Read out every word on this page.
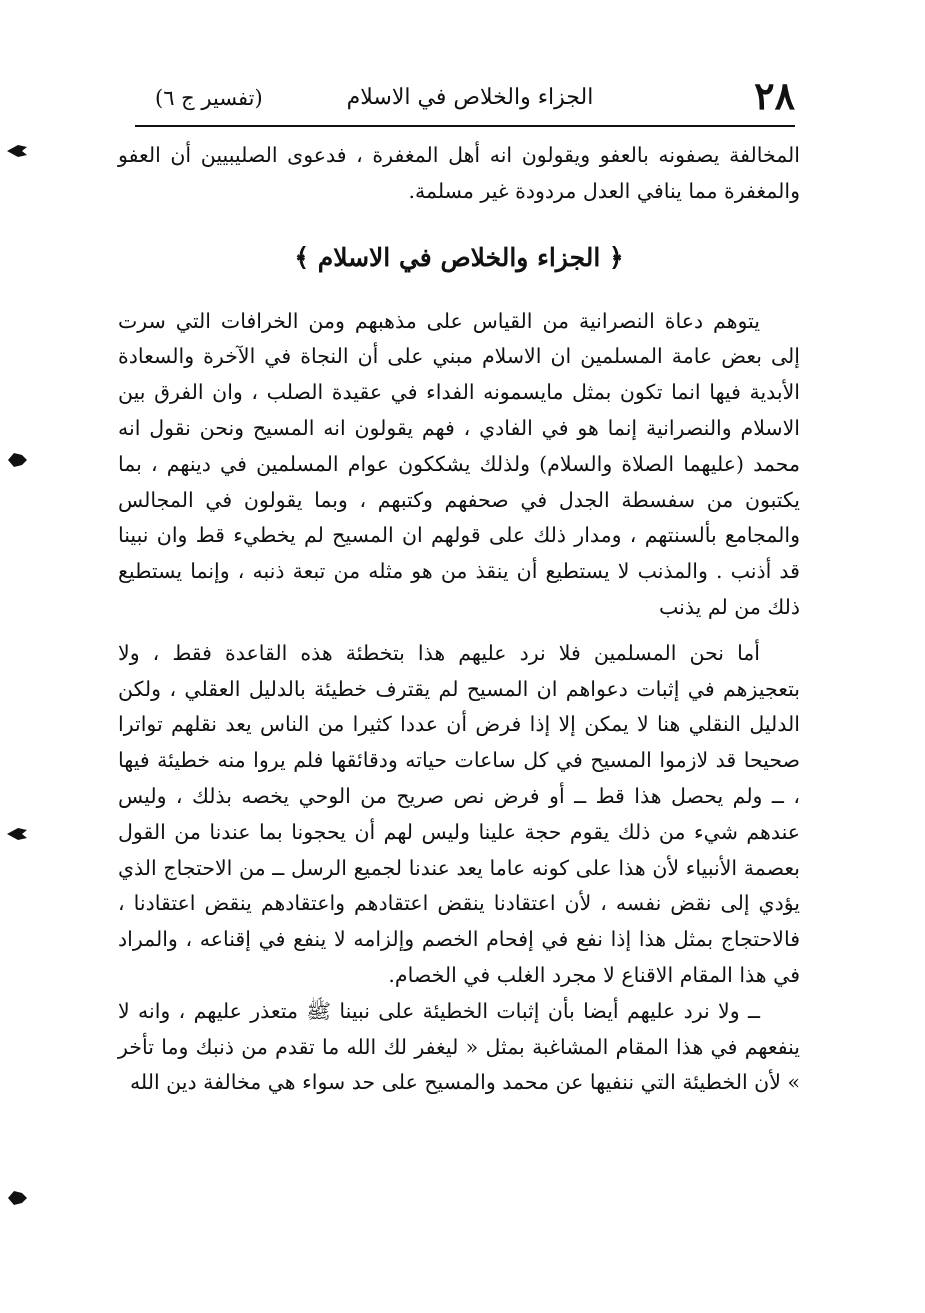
٢٨
الجزاء والخلاص في الاسلام
(تفسير ج ٦)

المخالفة يصفونه بالعفو ويقولون انه أهل المغفرة ، فدعوى الصليبيين أن العفو والمغفرة مما ينافي العدل مردودة غير مسلمة.

﴿ الجزاء والخلاص في الاسلام ﴾

يتوهم دعاة النصرانية من القياس على مذهبهم ومن الخرافات التي سرت إلى بعض عامة المسلمين ان الاسلام مبني على أن النجاة في الآخرة والسعادة الأبدية فيها انما تكون بمثل مايسمونه الفداء في عقيدة الصلب ، وان الفرق بين الاسلام والنصرانية إنما هو في الفادي ، فهم يقولون انه المسيح ونحن نقول انه محمد (عليهما الصلاة والسلام) ولذلك يشككون عوام المسلمين في دينهم ، بما يكتبون من سفسطة الجدل في صحفهم وكتبهم ، وبما يقولون في المجالس والمجامع بألسنتهم ، ومدار ذلك على قولهم ان المسيح لم يخطيء قط وان نبينا قد أذنب . والمذنب لا يستطيع أن ينقذ من هو مثله من تبعة ذنبه ، وإنما يستطيع ذلك من لم يذنب

أما نحن المسلمين فلا نرد عليهم هذا بتخطئة هذه القاعدة فقط ، ولا بتعجيزهم في إثبات دعواهم ان المسيح لم يقترف خطيئة بالدليل العقلي ، ولكن الدليل النقلي هنا لا يمكن إلا إذا فرض أن عددا كثيرا من الناس يعد نقلهم تواترا صحيحا قد لازموا المسيح في كل ساعات حياته ودقائقها فلم يروا منه خطيئة فيها ، ــ ولم يحصل هذا قط ــ أو فرض نص صريح من الوحي يخصه بذلك ، وليس عندهم شيء من ذلك يقوم حجة علينا وليس لهم أن يحجونا بما عندنا من القول بعصمة الأنبياء لأن هذا على كونه عاما يعد عندنا لجميع الرسل ــ من الاحتجاج الذي يؤدي إلى نقض نفسه ، لأن اعتقادنا ينقض اعتقادهم واعتقادهم ينقض اعتقادنا ، فالاحتجاج بمثل هذا إذا نفع في إفحام الخصم وإلزامه لا ينفع في إقناعه ، والمراد في هذا المقام الاقناع لا مجرد الغلب في الخصام.

ــ ولا نرد عليهم أيضا بأن إثبات الخطيئة على نبينا ﷺ متعذر عليهم ، وانه لا ينفعهم في هذا المقام المشاغبة بمثل « ليغفر لك الله ما تقدم من ذنبك وما تأخر » لأن الخطيئة التي ننفيها عن محمد والمسيح على حد سواء هي مخالفة دين الله
